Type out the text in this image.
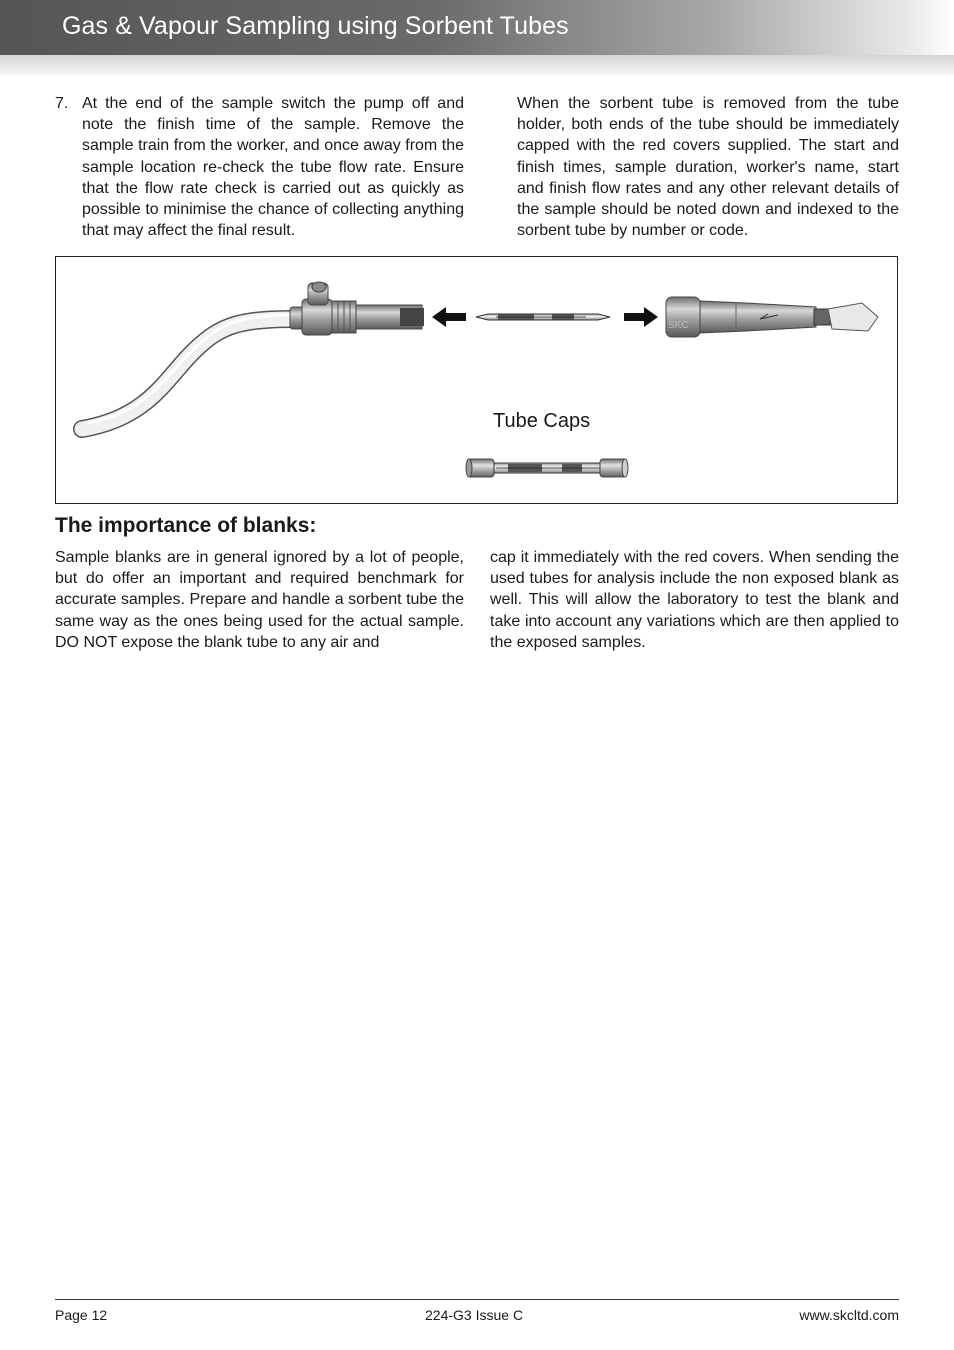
Gas & Vapour Sampling using Sorbent Tubes
7. At the end of the sample switch the pump off and note the finish time of the sample. Remove the sample train from the worker, and once away from the sample location re-check the tube flow rate. Ensure that the flow rate check is carried out as quickly as possible to minimise the chance of collecting anything that may affect the final result.

When the sorbent tube is removed from the tube holder, both ends of the tube should be immediately capped with the red covers supplied. The start and finish times, sample duration, worker's name, start and finish flow rates and any other relevant details of the sample should be noted down and indexed to the sorbent tube by number or code.

SKC
Tube Caps
The importance of blanks:

Sample blanks are in general ignored by a lot of people, but do offer an important and required benchmark for accurate samples. Prepare and handle a sorbent tube the same way as the ones being used for the actual sample. DO NOT expose the blank tube to any air and

cap it immediately with the red covers. When sending the used tubes for analysis include the non exposed blank as well. This will allow the laboratory to test the blank and take into account any variations which are then applied to the exposed samples.

Page 12	224-G3 Issue C	www.skcltd.com
